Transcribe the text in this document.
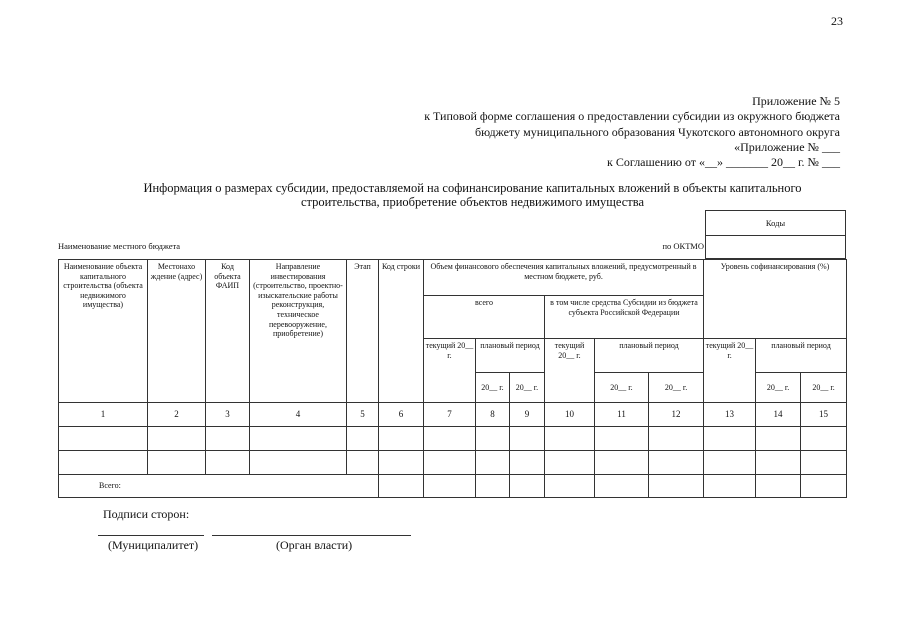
23
Приложение № 5
к Типовой форме соглашения о предоставлении субсидии из окружного бюджета
бюджету муниципального образования Чукотского автономного округа
«Приложение № ___
к Соглашению от «__» _______ 20__ г. № ___
Информация о размерах субсидии, предоставляемой на софинансирование капитальных вложений в объекты капитального
строительства, приобретение объектов недвижимого имущества
Коды
Наименование местного бюджета	по ОКТМО
Наименование объекта капитального строительства (объекта недвижимого имущества)	Местонахо ждение (адрес)	Код объекта ФАИП	Направление инвестирования (строительство, проектно-изыскательские работы реконструкция, техническое перевооружение, приобретение)	Этап	Код строки	Объем финансового обеспечения капитальных вложений, предусмотренный в местном бюджете, руб.						Уровень софинансирования (%)		
						всего			в том числе средства Субсидии из бюджета субъекта Российской Федерации					
						текущий 20__ г.	плановый период		текущий 20__ г.	плановый период		текущий 20__ г.	плановый период	
							20__ г.	20__ г.		20__ г.	20__ г.		20__ г.	20__ г.
1	2	3	4	5	6	7	8	9	10	11	12	13	14	15

Всего:														
Подписи сторон:
(Муниципалитет)	(Орган власти)
